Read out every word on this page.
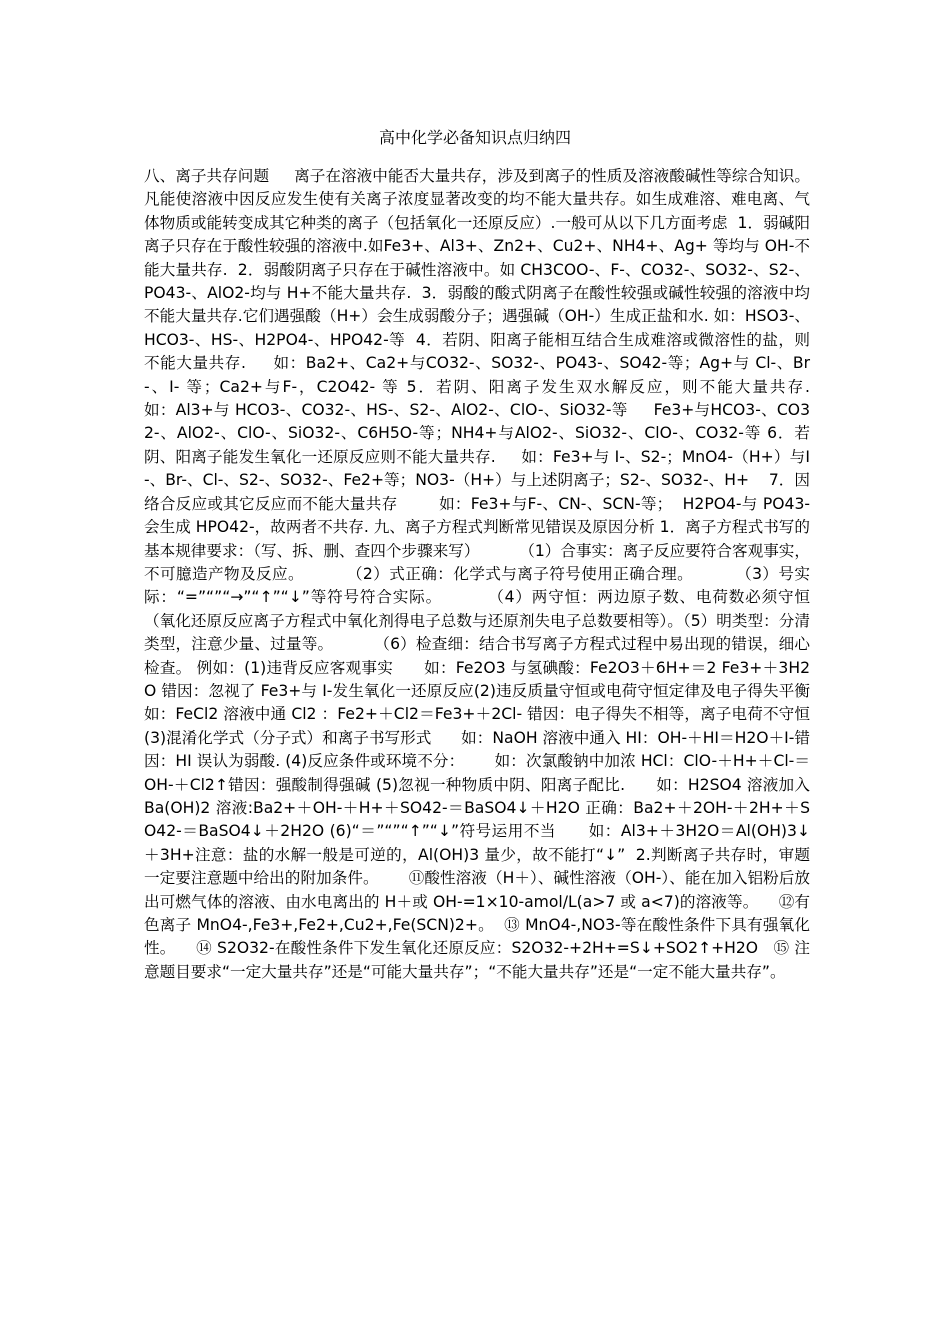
高中化学必备知识点归纳四
八、离子共存问题     离子在溶液中能否大量共存，涉及到离子的性质及溶液酸碱性等综合知识。凡能使溶液中因反应发生使有关离子浓度显著改变的均不能大量共存。如生成难溶、难电离、气体物质或能转变成其它种类的离子（包括氧化一还原反应）.一般可从以下几方面考虑  1．弱碱阳离子只存在于酸性较强的溶液中.如Fe3+、Al3+、Zn2+、Cu2+、NH4+、Ag+ 等均与 OH-不能大量共存.  2．弱酸阴离子只存在于碱性溶液中。如 CH3COO-、F-、CO32-、SO32-、S2-、PO43-、AlO2-均与 H+不能大量共存.  3．弱酸的酸式阴离子在酸性较强或碱性较强的溶液中均不能大量共存.它们遇强酸（H+）会生成弱酸分子；遇强碱（OH-）生成正盐和水. 如：HSO3-、HCO3-、HS-、H2PO4-、HPO42-等  4．若阴、阳离子能相互结合生成难溶或微溶性的盐，则不能大量共存.     如：Ba2+、Ca2+与CO32-、SO32-、PO43-、SO42-等；Ag+与 Cl-、Br-、I- 等；Ca2+与F-，C2O42- 等 5．若阴、阳离子发生双水解反应，则不能大量共存.        如：Al3+与 HCO3-、CO32-、HS-、S2-、AlO2-、ClO-、SiO32-等     Fe3+与HCO3-、CO32-、AlO2-、ClO-、SiO32-、C6H5O-等；NH4+与AlO2-、SiO32-、ClO-、CO32-等 6．若阴、阳离子能发生氧化一还原反应则不能大量共存.     如：Fe3+与 I-、S2-；MnO4-（H+）与I-、Br-、Cl-、S2-、SO32-、Fe2+等；NO3-（H+）与上述阴离子；S2-、SO32-、H+    7．因络合反应或其它反应而不能大量共存        如：Fe3+与F-、CN-、SCN-等；  H2PO4-与 PO43-会生成 HPO42-，故两者不共存. 九、离子方程式判断常见错误及原因分析 1．离子方程式书写的基本规律要求：（写、拆、删、查四个步骤来写）        （1）合事实：离子反应要符合客观事实，不可臆造产物及反应。        （2）式正确：化学式与离子符号使用正确合理。        （3）号实际：“=”“”“→”“↑”“↓”等符号符合实际。        （4）两守恒：两边原子数、电荷数必须守恒（氧化还原反应离子方程式中氧化剂得电子总数与还原剂失电子总数要相等）。（5）明类型：分清类型，注意少量、过量等。        （6）检查细：结合书写离子方程式过程中易出现的错误，细心检查。 例如：(1)违背反应客观事实      如：Fe2O3 与氢碘酸：Fe2O3＋6H+＝2 Fe3+＋3H2O 错因：忽视了 Fe3+与 I-发生氧化一还原反应(2)违反质量守恒或电荷守恒定律及电子得失平衡      如：FeCl2 溶液中通 Cl2 ：Fe2+＋Cl2＝Fe3+＋2Cl- 错因：电子得失不相等，离子电荷不守恒 (3)混淆化学式（分子式）和离子书写形式      如：NaOH 溶液中通入 HI：OH-＋HI＝H2O＋I-错因：HI 误认为弱酸. (4)反应条件或环境不分：      如：次氯酸钠中加浓 HCl：ClO-＋H+＋Cl-＝OH-＋Cl2↑错因：强酸制得强碱 (5)忽视一种物质中阴、阳离子配比.      如：H2SO4 溶液加入 Ba(OH)2 溶液:Ba2+＋OH-＋H+＋SO42-＝BaSO4↓＋H2O 正确：Ba2+＋2OH-＋2H+＋SO42-＝BaSO4↓＋2H2O (6)“＝”“”“↑”“↓”符号运用不当      如：Al3+＋3H2O＝Al(OH)3↓＋3H+注意：盐的水解一般是可逆的，Al(OH)3 量少，故不能打“↓”  2.判断离子共存时，审题一定要注意题中给出的附加条件。      ⑪酸性溶液（H＋）、碱性溶液（OH-）、能在加入铝粉后放出可燃气体的溶液、由水电离出的 H＋或 OH-=1×10-amol/L(a>7 或 a<7)的溶液等。    ⑫有色离子 MnO4-,Fe3+,Fe2+,Cu2+,Fe(SCN)2+。  ⑬ MnO4-,NO3-等在酸性条件下具有强氧化性。    ⑭ S2O32-在酸性条件下发生氧化还原反应：S2O32-+2H+=S↓+SO2↑+H2O   ⑮ 注意题目要求“一定大量共存”还是“可能大量共存”；“不能大量共存”还是“一定不能大量共存”。
